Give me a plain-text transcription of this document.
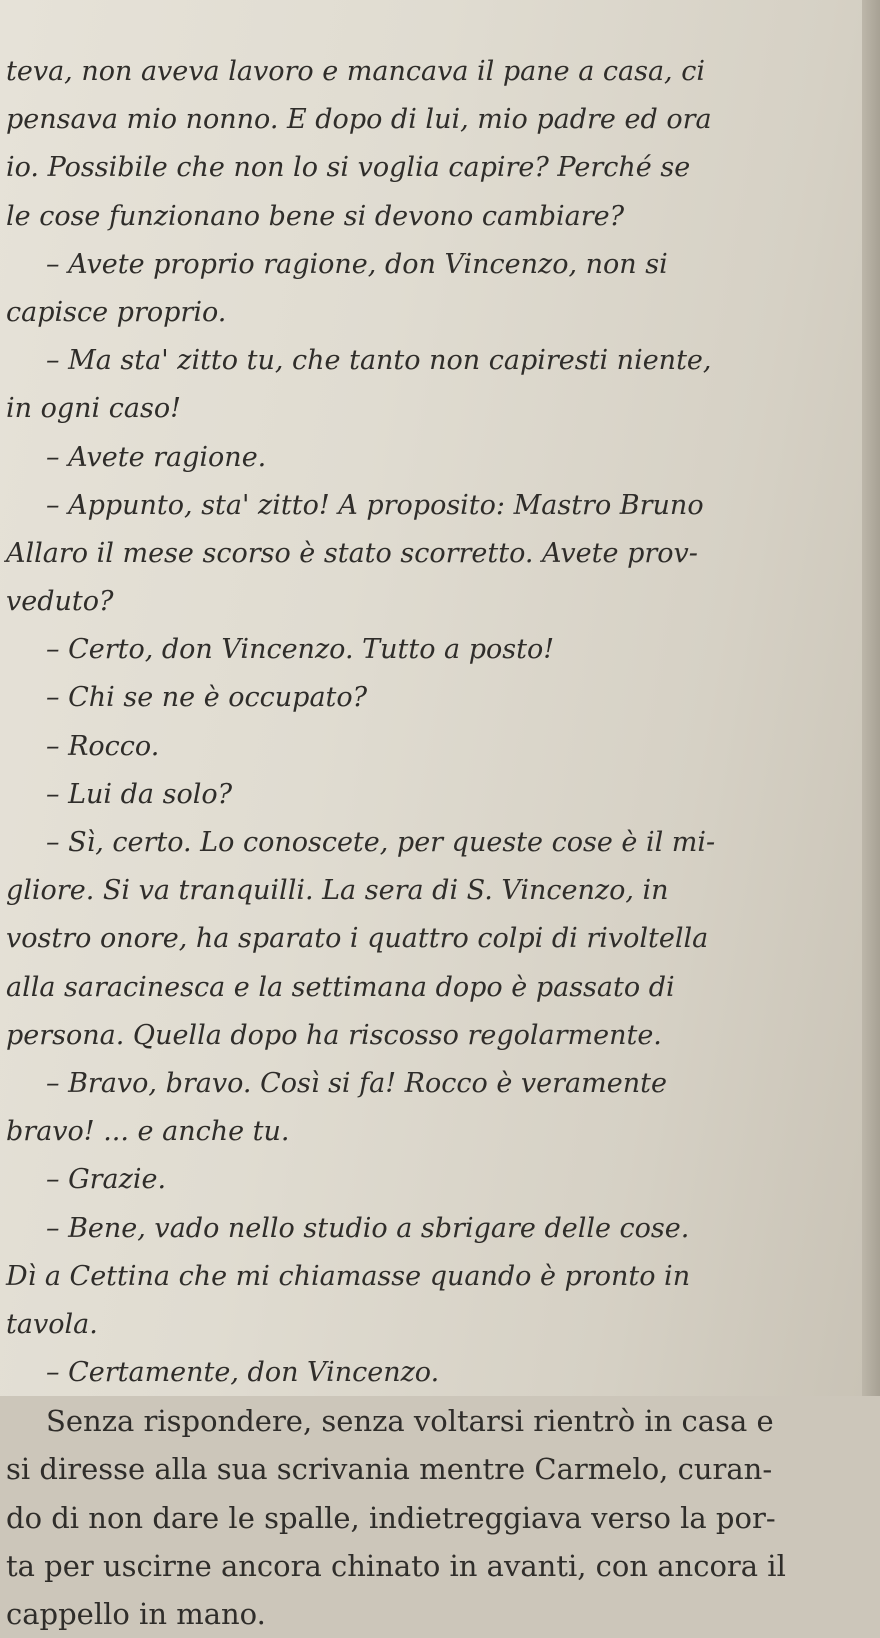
teva, non aveva lavoro e mancava il pane a casa, ci
pensava mio nonno. E dopo di lui, mio padre ed ora
io. Possibile che non lo si voglia capire? Perché se
le cose funzionano bene si devono cambiare?
– Avete proprio ragione, don Vincenzo, non si
capisce proprio.
– Ma sta' zitto tu, che tanto non capiresti niente,
in ogni caso!
– Avete ragione.
– Appunto, sta' zitto! A proposito: Mastro Bruno
Allaro il mese scorso è stato scorretto. Avete prov-
veduto?
– Certo, don Vincenzo. Tutto a posto!
– Chi se ne è occupato?
– Rocco.
– Lui da solo?
– Sì, certo. Lo conoscete, per queste cose è il mi-
gliore. Si va tranquilli. La sera di S. Vincenzo, in
vostro onore, ha sparato i quattro colpi di rivoltella
alla saracinesca e la settimana dopo è passato di
persona. Quella dopo ha riscosso regolarmente.
– Bravo, bravo. Così si fa! Rocco è veramente
bravo! ... e anche tu.
– Grazie.
– Bene, vado nello studio a sbrigare delle cose.
Dì a Cettina che mi chiamasse quando è pronto in
tavola.
– Certamente, don Vincenzo.
Senza rispondere, senza voltarsi rientrò in casa e
si diresse alla sua scrivania mentre Carmelo, curan-
do di non dare le spalle, indietreggiava verso la por-
ta per uscirne ancora chinato in avanti, con ancora il
cappello in mano.
